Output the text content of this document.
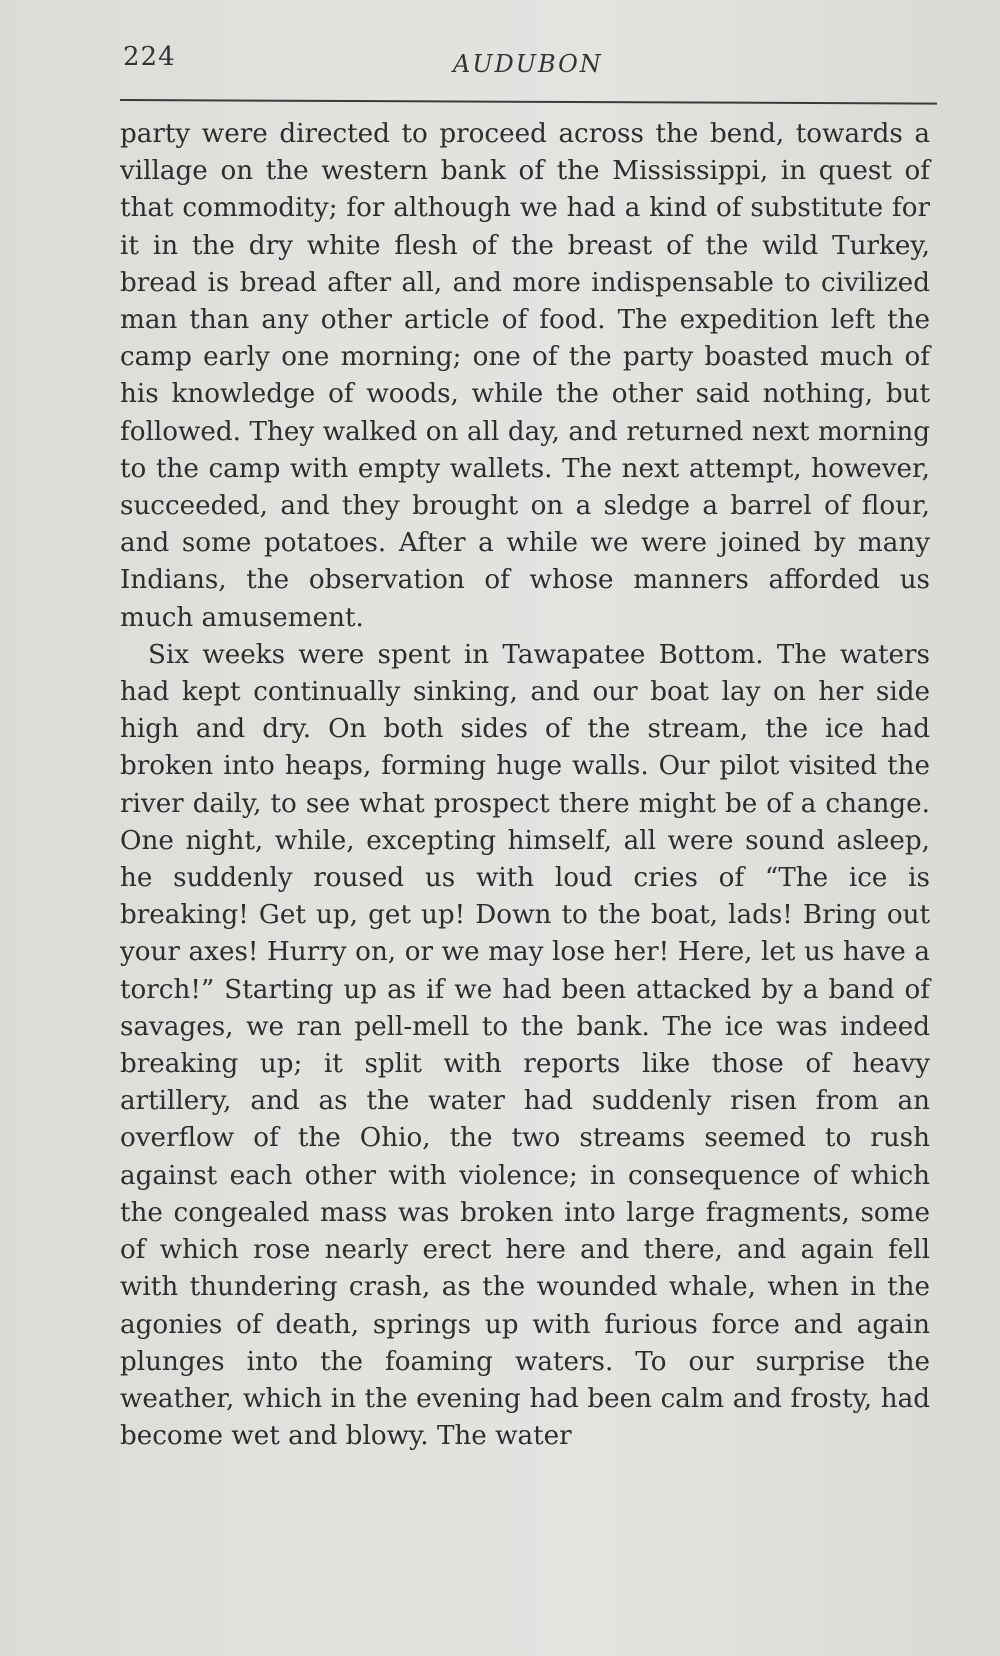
224	AUDUBON

party were directed to proceed across the bend, towards a village on the western bank of the Mississippi, in quest of that commodity; for although we had a kind of substitute for it in the dry white flesh of the breast of the wild Turkey, bread is bread after all, and more indispensable to civilized man than any other article of food. The expedition left the camp early one morning; one of the party boasted much of his knowledge of woods, while the other said nothing, but followed. They walked on all day, and returned next morning to the camp with empty wallets. The next attempt, however, succeeded, and they brought on a sledge a barrel of flour, and some potatoes. After a while we were joined by many Indians, the observation of whose manners afforded us much amusement.

Six weeks were spent in Tawapatee Bottom. The waters had kept continually sinking, and our boat lay on her side high and dry. On both sides of the stream, the ice had broken into heaps, forming huge walls. Our pilot visited the river daily, to see what prospect there might be of a change. One night, while, excepting himself, all were sound asleep, he suddenly roused us with loud cries of “The ice is breaking! Get up, get up! Down to the boat, lads! Bring out your axes! Hurry on, or we may lose her! Here, let us have a torch!” Starting up as if we had been attacked by a band of savages, we ran pell-mell to the bank. The ice was indeed breaking up; it split with reports like those of heavy artillery, and as the water had suddenly risen from an overflow of the Ohio, the two streams seemed to rush against each other with violence; in consequence of which the congealed mass was broken into large fragments, some of which rose nearly erect here and there, and again fell with thundering crash, as the wounded whale, when in the agonies of death, springs up with furious force and again plunges into the foaming waters. To our surprise the weather, which in the evening had been calm and frosty, had become wet and blowy. The water
